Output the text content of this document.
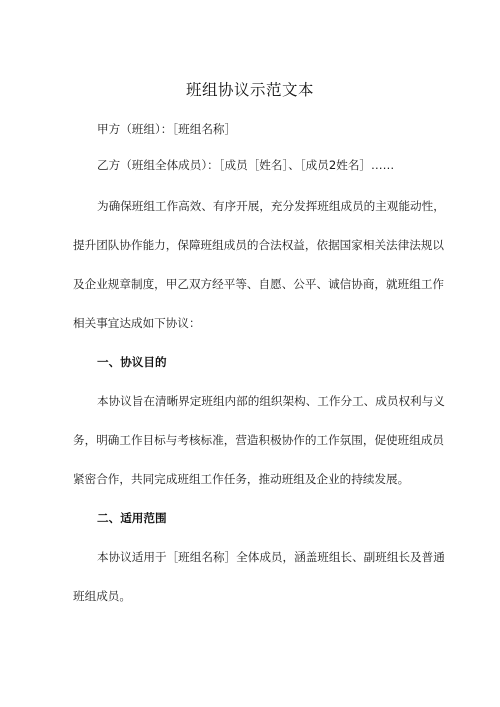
班组协议示范文本
甲方（班组）：［班组名称］
乙方（班组全体成员）：［成员［姓名］、［成员2姓名］……
为确保班组工作高效、有序开展，充分发挥班组成员的主观能动性，
提升团队协作能力，保障班组成员的合法权益，依据国家相关法律法规以
及企业规章制度，甲乙双方经平等、自愿、公平、诚信协商，就班组工作
相关事宜达成如下协议：
一、协议目的
本协议旨在清晰界定班组内部的组织架构、工作分工、成员权利与义
务，明确工作目标与考核标准，营造积极协作的工作氛围，促使班组成员
紧密合作，共同完成班组工作任务，推动班组及企业的持续发展。
二、适用范围
本协议适用于［班组名称］全体成员，涵盖班组长、副班组长及普通
班组成员。
